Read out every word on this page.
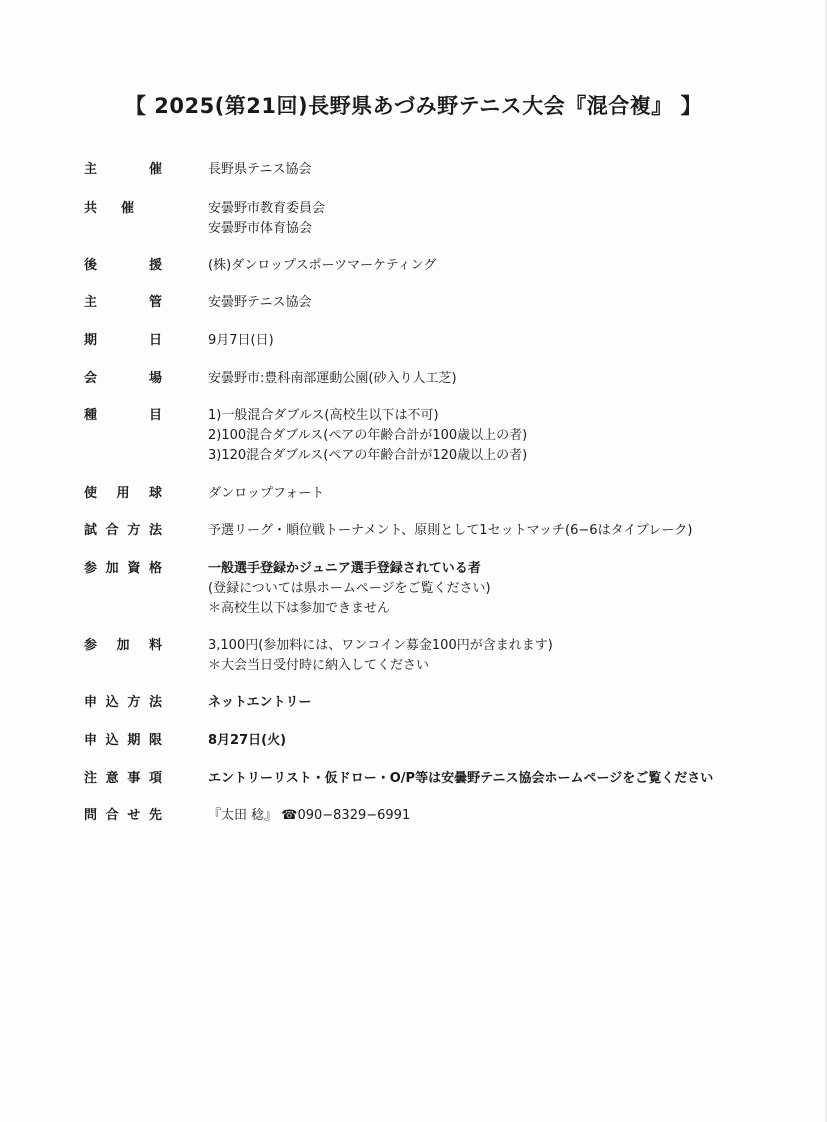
【 2025(第21回)長野県あづみ野テニス大会『混合複』 】
主	催	長野県テニス協会
共 催	安曇野市教育委員会
安曇野市体育協会
後	援	(株)ダンロップスポーツマーケティング
主	管	安曇野テニス協会
期	日	9月7日(日)
会	場	安曇野市:豊科南部運動公園(砂入り人工芝)
種	目	1)一般混合ダブルス(高校生以下は不可)
2)100混合ダブルス(ペアの年齢合計が100歳以上の者)
3)120混合ダブルス(ペアの年齢合計が120歳以上の者)
使 用 球	ダンロップフォート
試 合 方 法	予選リーグ・順位戦トーナメント、原則として1セットマッチ(6−6はタイブレーク)
参 加 資 格	一般選手登録かジュニア選手登録されている者
(登録については県ホームページをご覧ください)
＊高校生以下は参加できません
参 加 料	3,100円(参加料には、ワンコイン募金100円が含まれます)
＊大会当日受付時に納入してください
申 込 方 法	ネットエントリー
申 込 期 限	8月27日(火)
注 意 事 項	エントリーリスト・仮ドロー・O/P等は安曇野テニス協会ホームページをご覧ください
問 合 せ 先	『太田 稔』 ☎090−8329−6991
